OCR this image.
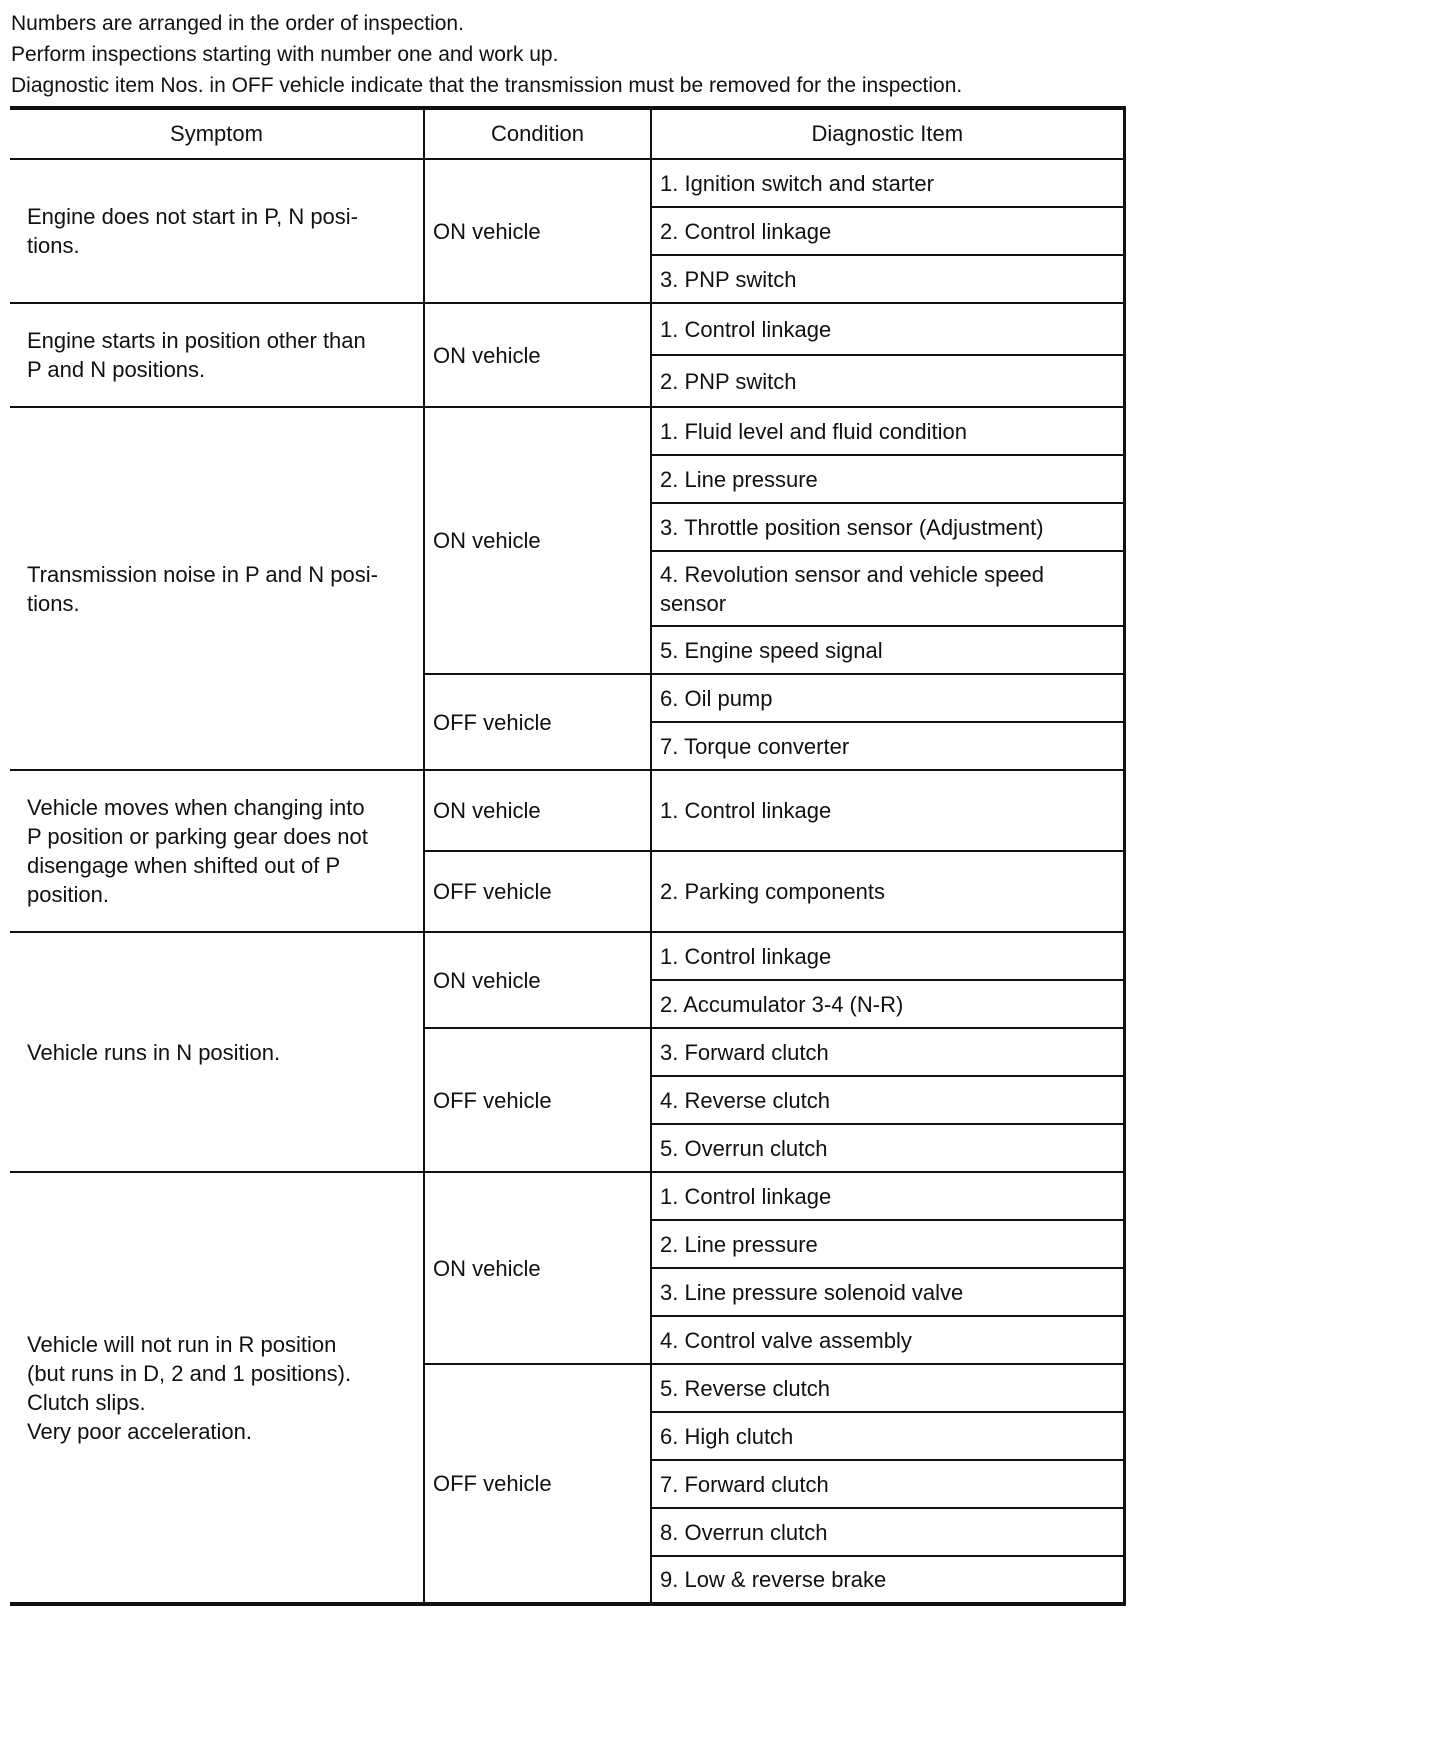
Numbers are arranged in the order of inspection.

Perform inspections starting with number one and work up.

Diagnostic item Nos. in OFF vehicle indicate that the transmission must be removed for the inspection.

Symptom	Condition	Diagnostic Item
Engine does not start in P, N posi-
tions.	ON vehicle	1. Ignition switch and starter
		2. Control linkage
		3. PNP switch
Engine starts in position other than
P and N positions.	ON vehicle	1. Control linkage
		2. PNP switch
Transmission noise in P and N posi-
tions.	ON vehicle	1. Fluid level and fluid condition
		2. Line pressure
		3. Throttle position sensor (Adjustment)
		4. Revolution sensor and vehicle speed
sensor
		5. Engine speed signal
	OFF vehicle	6. Oil pump
		7. Torque converter
Vehicle moves when changing into
P position or parking gear does not
disengage when shifted out of P
position.	ON vehicle	1. Control linkage
	OFF vehicle	2. Parking components
Vehicle runs in N position.	ON vehicle	1. Control linkage
		2. Accumulator 3-4 (N-R)
	OFF vehicle	3. Forward clutch
		4. Reverse clutch
		5. Overrun clutch
Vehicle will not run in R position
(but runs in D, 2 and 1 positions).
Clutch slips.
Very poor acceleration.	ON vehicle	1. Control linkage
		2. Line pressure
		3. Line pressure solenoid valve
		4. Control valve assembly
	OFF vehicle	5. Reverse clutch
		6. High clutch
		7. Forward clutch
		8. Overrun clutch
		9. Low & reverse brake
